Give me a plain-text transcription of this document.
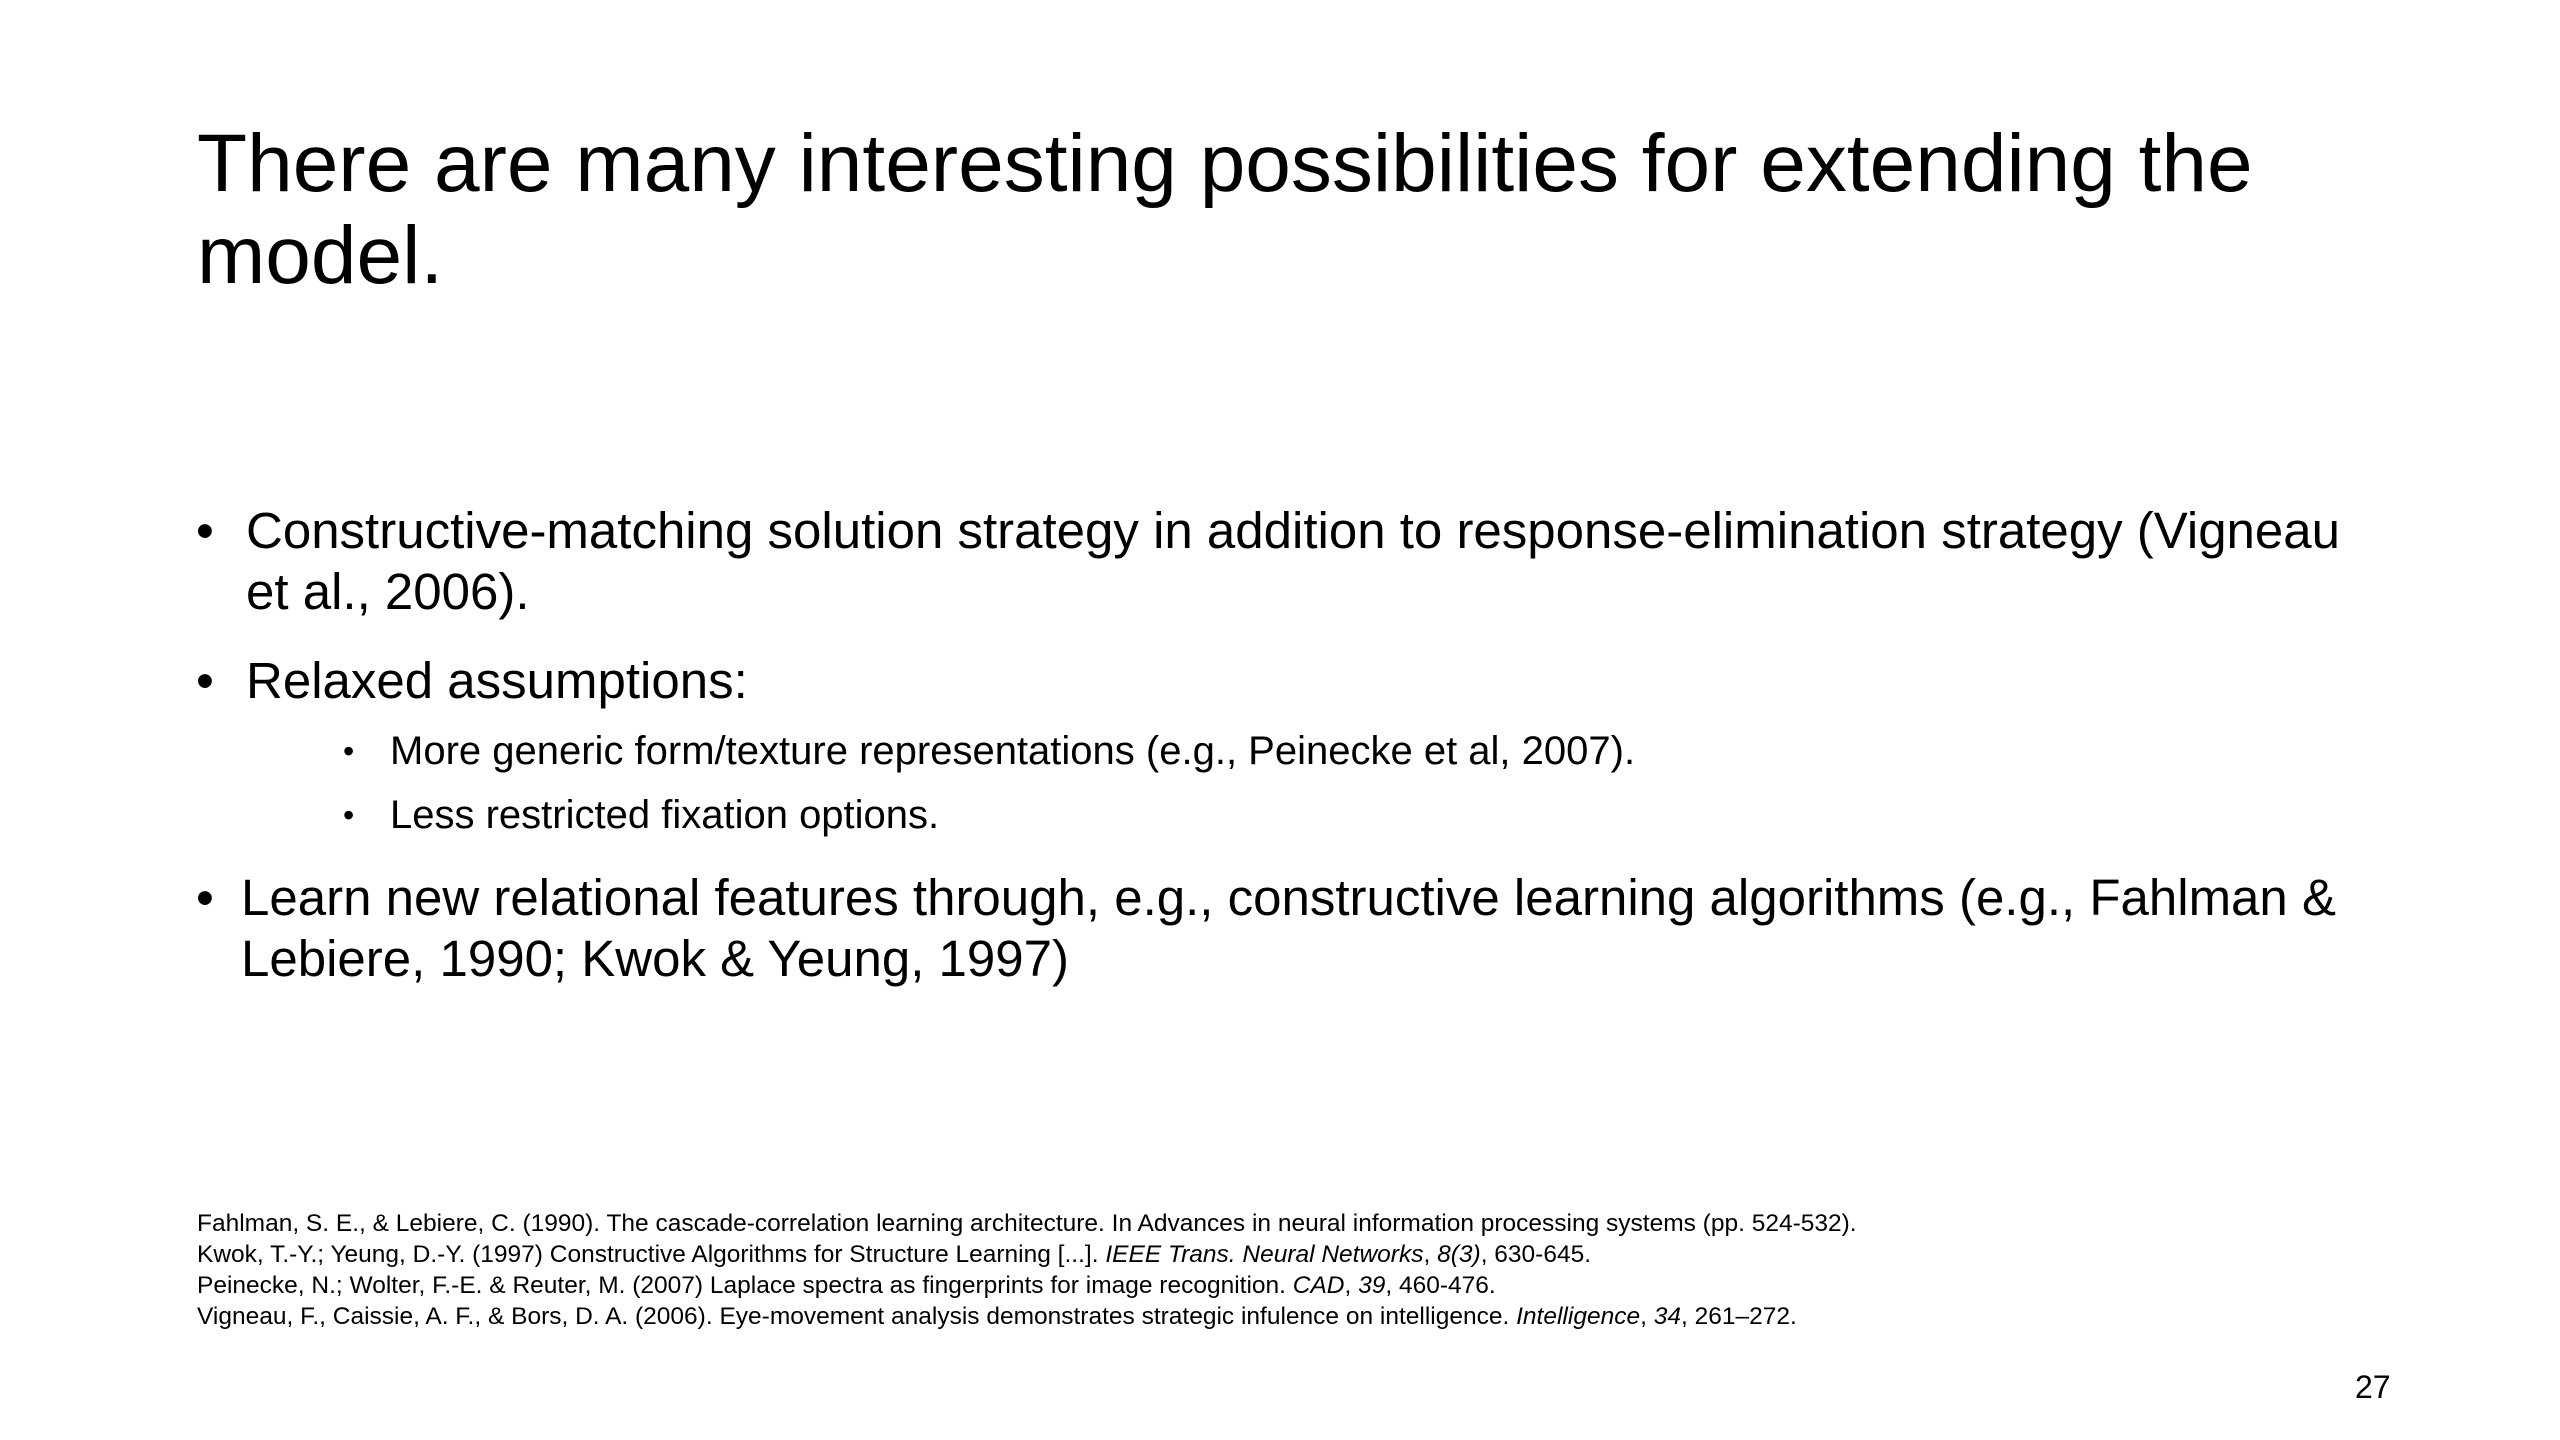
There are many interesting possibilities for extending the model.
• Constructive-matching solution strategy in addition to response-elimination strategy (Vigneau et al., 2006).
• Relaxed assumptions:
• More generic form/texture representations (e.g., Peinecke et al, 2007).
• Less restricted fixation options.
• Learn new relational features through, e.g., constructive learning algorithms (e.g., Fahlman & Lebiere, 1990; Kwok & Yeung, 1997)
Fahlman, S. E., & Lebiere, C. (1990). The cascade-correlation learning architecture. In Advances in neural information processing systems (pp. 524-532).
Kwok, T.-Y.; Yeung, D.-Y. (1997) Constructive Algorithms for Structure Learning [...]. IEEE Trans. Neural Networks, 8(3), 630-645.
Peinecke, N.; Wolter, F.-E. & Reuter, M. (2007) Laplace spectra as fingerprints for image recognition. CAD, 39, 460-476.
Vigneau, F., Caissie, A. F., & Bors, D. A. (2006). Eye-movement analysis demonstrates strategic infulence on intelligence. Intelligence, 34, 261–272.
27
